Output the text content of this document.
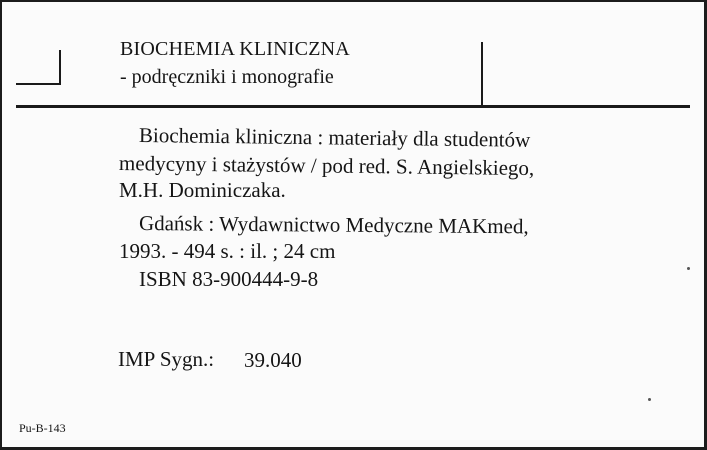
BIOCHEMIA KLINICZNA
- podręczniki i monografie
Biochemia kliniczna : materiały dla studentów
medycyny i stażystów / pod red. S. Angielskiego,
M.H. Dominiczaka.
Gdańsk : Wydawnictwo Medyczne MAKmed,
1993. - 494 s. : il. ; 24 cm
ISBN 83-900444-9-8
IMP Sygn.: 39.040
Pu-B-143
